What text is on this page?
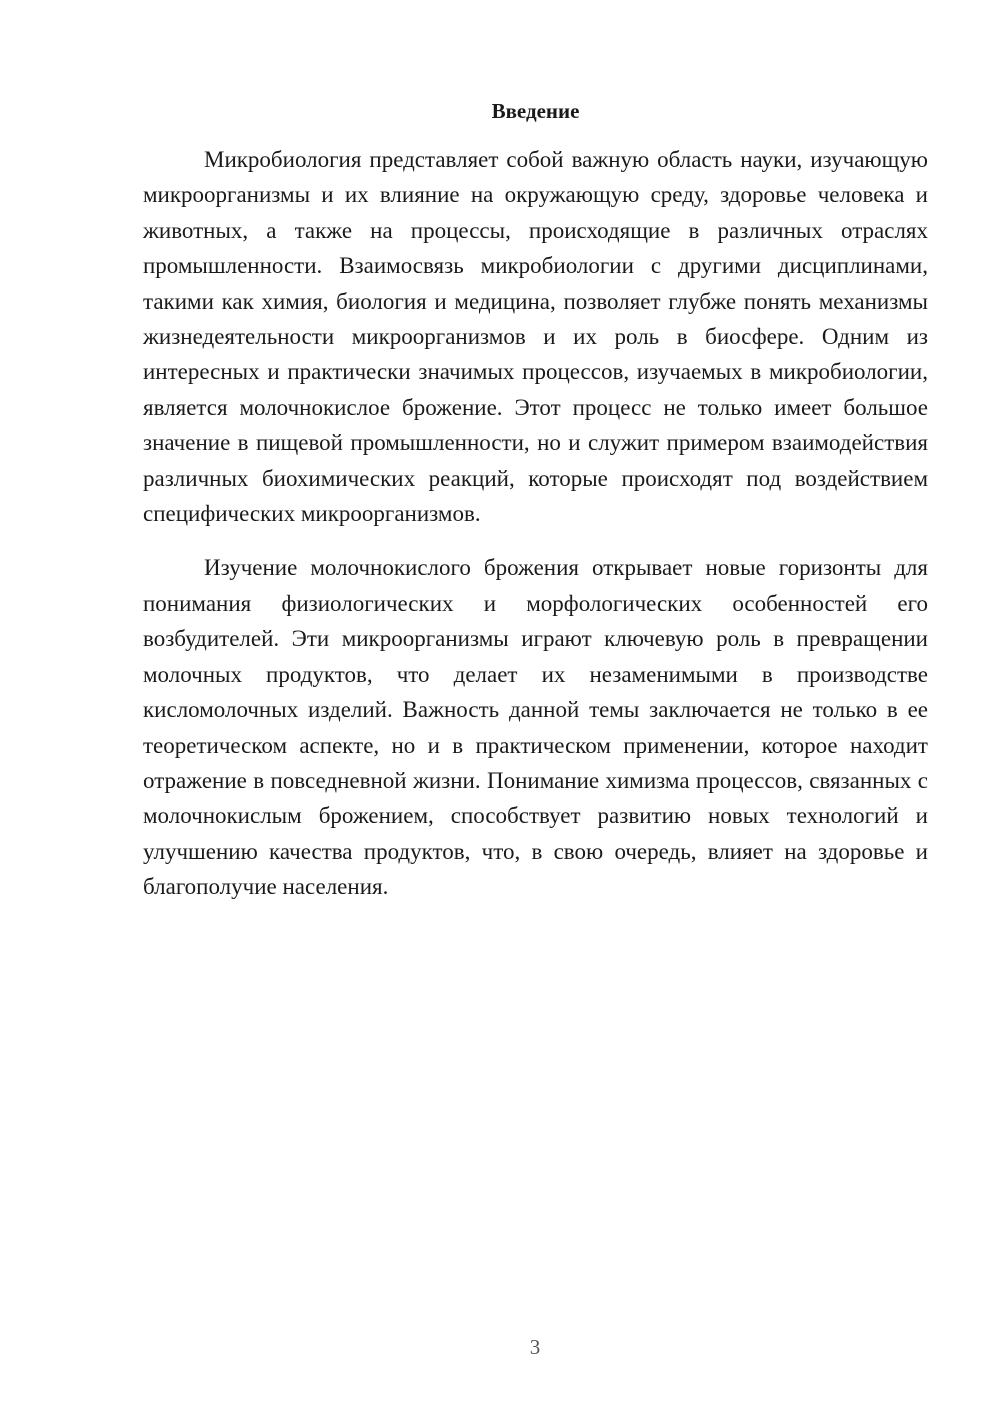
Введение

Микробиология представляет собой важную область науки, изучающую микроорганизмы и их влияние на окружающую среду, здоровье человека и животных, а также на процессы, происходящие в различных отраслях промышленности. Взаимосвязь микробиологии с другими дисциплинами, такими как химия, биология и медицина, позволяет глубже понять механизмы жизнедеятельности микроорганизмов и их роль в биосфере. Одним из интересных и практически значимых процессов, изучаемых в микробиологии, является молочнокислое брожение. Этот процесс не только имеет большое значение в пищевой промышленности, но и служит примером взаимодействия различных биохимических реакций, которые происходят под воздействием специфических микроорганизмов.

Изучение молочнокислого брожения открывает новые горизонты для понимания физиологических и морфологических особенностей его возбудителей. Эти микроорганизмы играют ключевую роль в превращении молочных продуктов, что делает их незаменимыми в производстве кисломолочных изделий. Важность данной темы заключается не только в ее теоретическом аспекте, но и в практическом применении, которое находит отражение в повседневной жизни. Понимание химизма процессов, связанных с молочнокислым брожением, способствует развитию новых технологий и улучшению качества продуктов, что, в свою очередь, влияет на здоровье и благополучие населения.

3
